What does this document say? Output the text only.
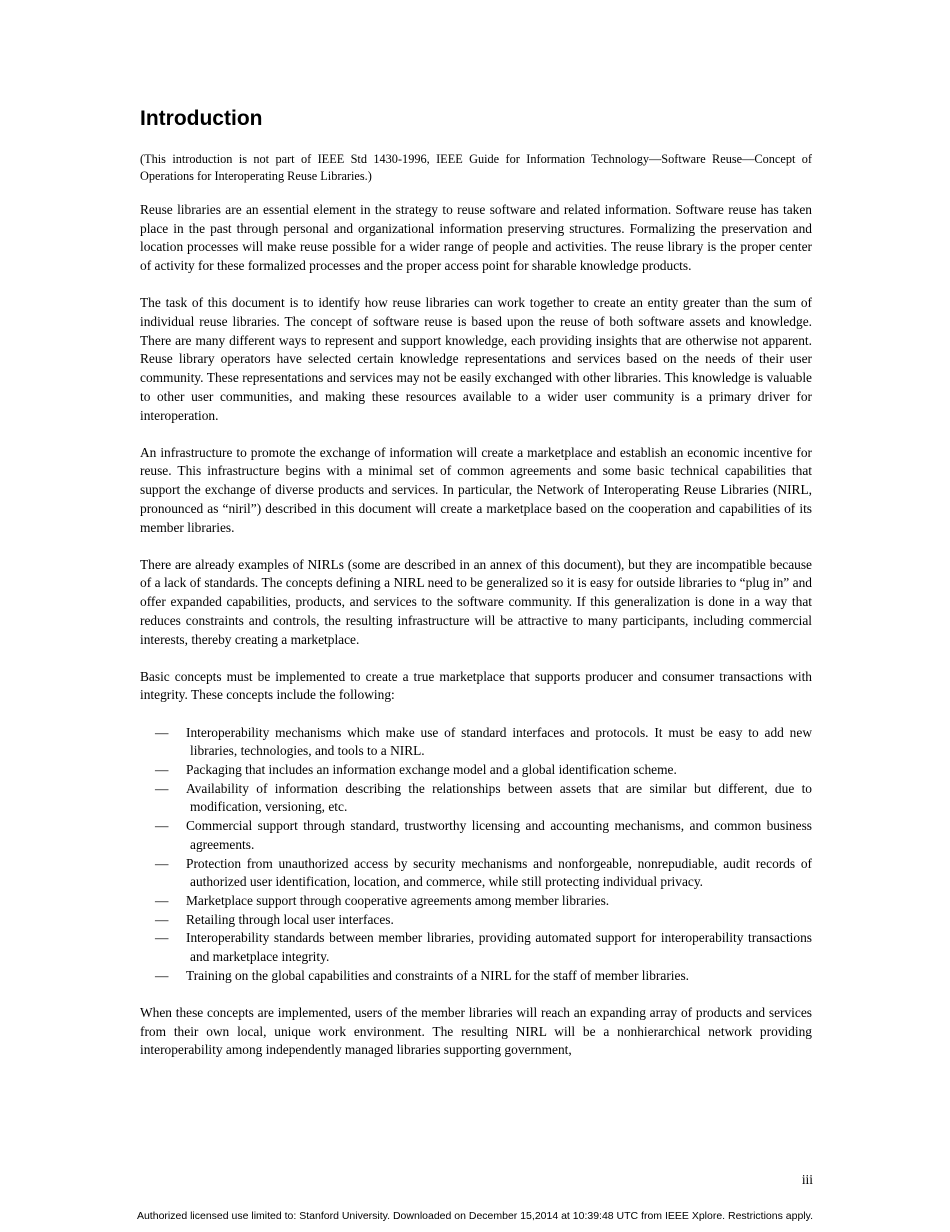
Introduction

(This introduction is not part of IEEE Std 1430-1996, IEEE Guide for Information Technology—Software Reuse—Concept of Operations for Interoperating Reuse Libraries.)

Reuse libraries are an essential element in the strategy to reuse software and related information. Software reuse has taken place in the past through personal and organizational information preserving structures. Formalizing the preservation and location processes will make reuse possible for a wider range of people and activities. The reuse library is the proper center of activity for these formalized processes and the proper access point for sharable knowledge products.

The task of this document is to identify how reuse libraries can work together to create an entity greater than the sum of individual reuse libraries. The concept of software reuse is based upon the reuse of both software assets and knowledge. There are many different ways to represent and support knowledge, each providing insights that are otherwise not apparent. Reuse library operators have selected certain knowledge representations and services based on the needs of their user community. These representations and services may not be easily exchanged with other libraries. This knowledge is valuable to other user communities, and making these resources available to a wider user community is a primary driver for interoperation.

An infrastructure to promote the exchange of information will create a marketplace and establish an economic incentive for reuse. This infrastructure begins with a minimal set of common agreements and some basic technical capabilities that support the exchange of diverse products and services. In particular, the Network of Interoperating Reuse Libraries (NIRL, pronounced as “niril”) described in this document will create a marketplace based on the cooperation and capabilities of its member libraries.

There are already examples of NIRLs (some are described in an annex of this document), but they are incompatible because of a lack of standards. The concepts defining a NIRL need to be generalized so it is easy for outside libraries to “plug in” and offer expanded capabilities, products, and services to the software community. If this generalization is done in a way that reduces constraints and controls, the resulting infrastructure will be attractive to many participants, including commercial interests, thereby creating a marketplace.

Basic concepts must be implemented to create a true marketplace that supports producer and consumer transactions with integrity. These concepts include the following:

— Interoperability mechanisms which make use of standard interfaces and protocols. It must be easy to add new libraries, technologies, and tools to a NIRL.
— Packaging that includes an information exchange model and a global identification scheme.
— Availability of information describing the relationships between assets that are similar but different, due to modification, versioning, etc.
— Commercial support through standard, trustworthy licensing and accounting mechanisms, and common business agreements.
— Protection from unauthorized access by security mechanisms and nonforgeable, nonrepudiable, audit records of authorized user identification, location, and commerce, while still protecting individual privacy.
— Marketplace support through cooperative agreements among member libraries.
— Retailing through local user interfaces.
— Interoperability standards between member libraries, providing automated support for interoperability transactions and marketplace integrity.
— Training on the global capabilities and constraints of a NIRL for the staff of member libraries.

When these concepts are implemented, users of the member libraries will reach an expanding array of products and services from their own local, unique work environment. The resulting NIRL will be a nonhierarchical network providing interoperability among independently managed libraries supporting government,

iii
Authorized licensed use limited to: Stanford University. Downloaded on December 15,2014 at 10:39:48 UTC from IEEE Xplore. Restrictions apply.
